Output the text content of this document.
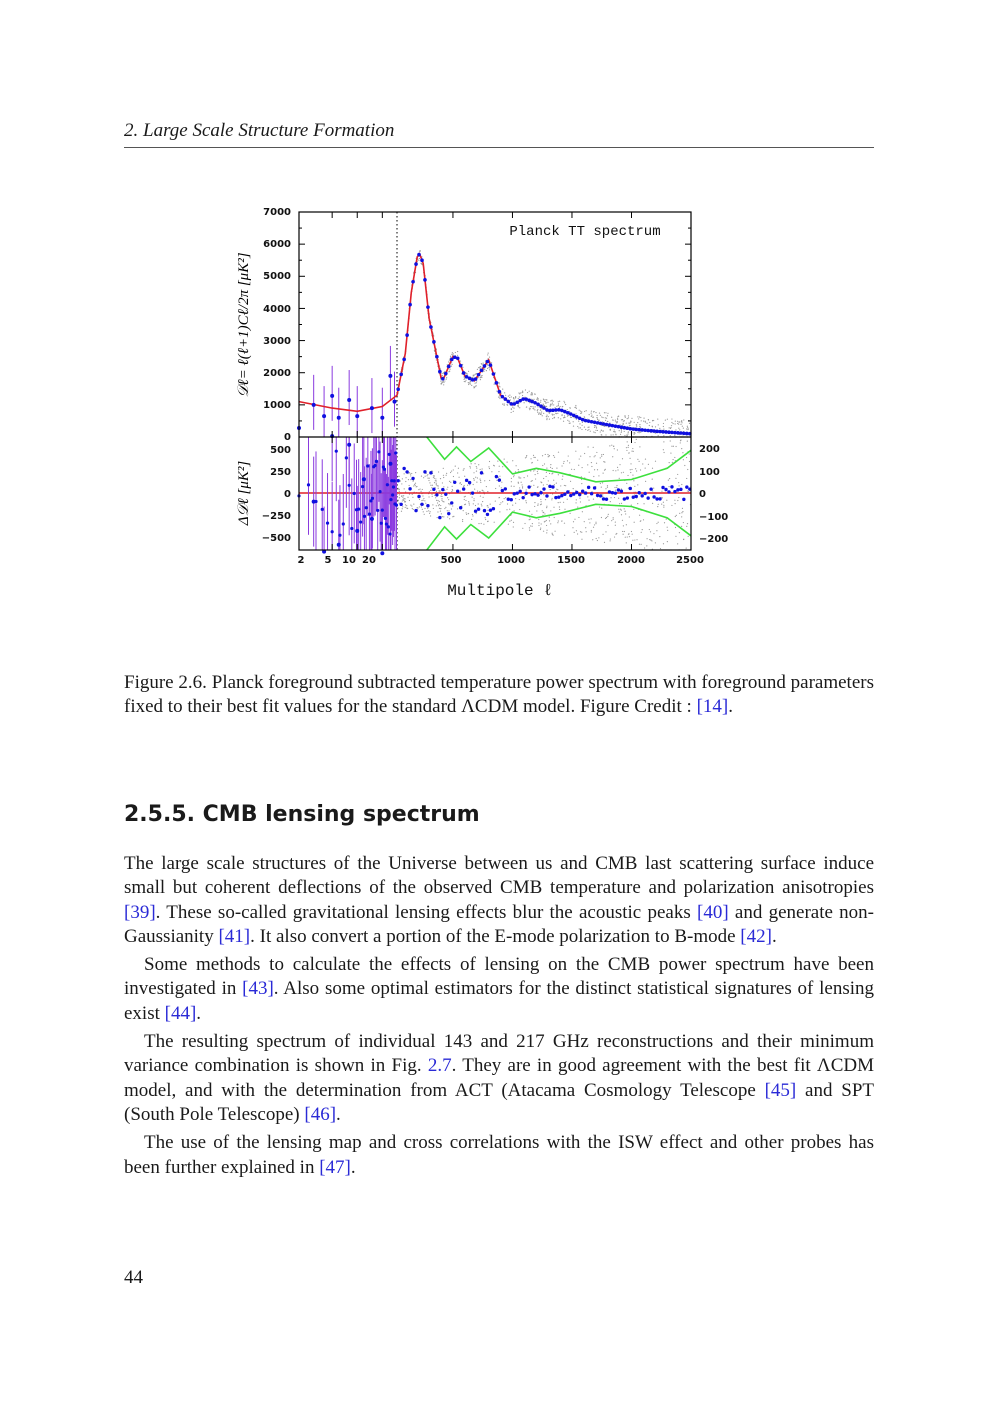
2. Large Scale Structure Formation
7000
6000
5000
4000
3000
2000
1000
0
500
250
0
−250
−500
200
100
0
−100
−200
2 5 10 20	500	1000	1500	2000	2500
Planck TT spectrum
Multipole ℓ
𝒟ℓ= ℓ(ℓ+1)Cℓ/2π [μK²]
Δ𝒟ℓ [μK²]
Figure 2.6. Planck foreground subtracted temperature power spectrum with foreground parameters fixed to their best fit values for the standard ΛCDM model. Figure Credit : [14].
2.5.5. CMB lensing spectrum

The large scale structures of the Universe between us and CMB last scattering surface induce small but coherent deflections of the observed CMB temperature and polarization anisotropies [39]. These so-called gravitational lensing effects blur the acoustic peaks [40] and generate non-Gaussianity [41]. It also convert a portion of the E-mode polarization to B-mode [42].

Some methods to calculate the effects of lensing on the CMB power spectrum have been investigated in [43]. Also some optimal estimators for the distinct statistical signatures of lensing exist [44].

The resulting spectrum of individual 143 and 217 GHz reconstructions and their minimum variance combination is shown in Fig. 2.7. They are in good agreement with the best fit ΛCDM model, and with the determination from ACT (Atacama Cosmology Telescope [45] and SPT (South Pole Telescope) [46].

The use of the lensing map and cross correlations with the ISW effect and other probes has been further explained in [47].

44
